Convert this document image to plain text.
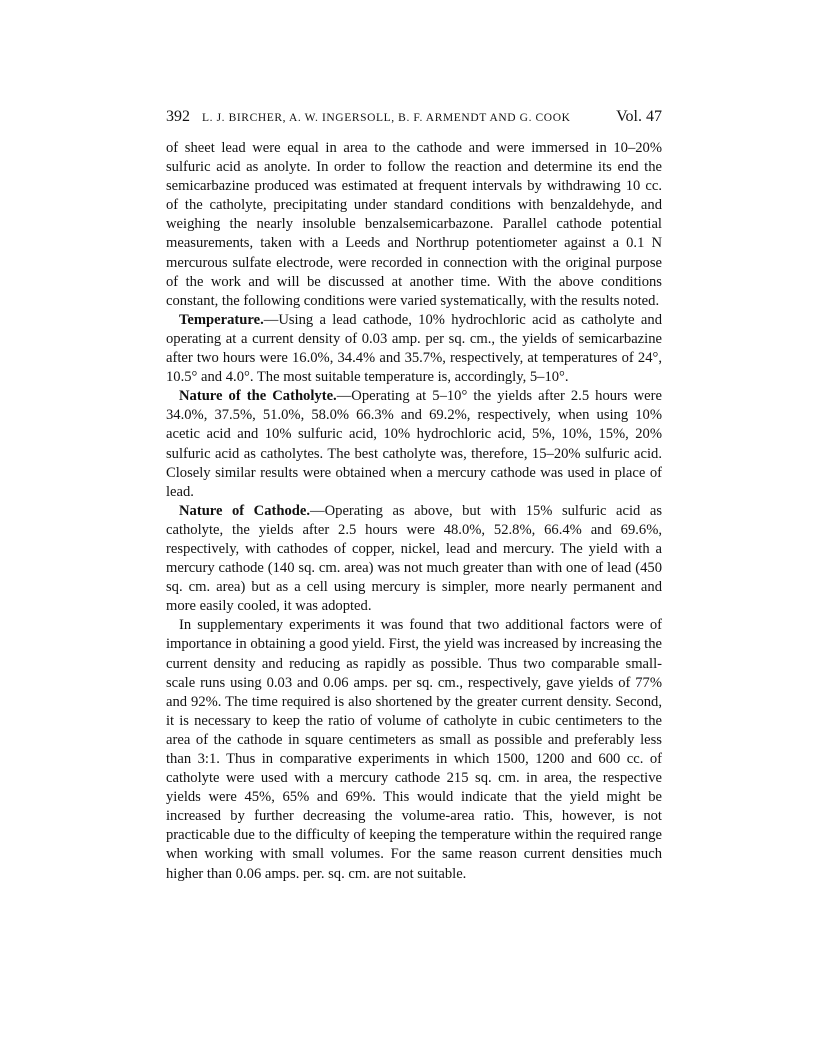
392 L. J. BIRCHER, A. W. INGERSOLL, B. F. ARMENDT AND G. COOK	Vol. 47

of sheet lead were equal in area to the cathode and were immersed in 10–20% sulfuric acid as anolyte. In order to follow the reaction and determine its end the semicarbazine produced was estimated at frequent intervals by withdrawing 10 cc. of the catholyte, precipitating under standard conditions with benzaldehyde, and weighing the nearly insoluble benzalsemicarbazone. Parallel cathode potential measurements, taken with a Leeds and Northrup potentiometer against a 0.1 N mercurous sulfate electrode, were recorded in connection with the original purpose of the work and will be discussed at another time. With the above conditions constant, the following conditions were varied systematically, with the results noted.

Temperature.—Using a lead cathode, 10% hydrochloric acid as catholyte and operating at a current density of 0.03 amp. per sq. cm., the yields of semicarbazine after two hours were 16.0%, 34.4% and 35.7%, respectively, at temperatures of 24°, 10.5° and 4.0°. The most suitable temperature is, accordingly, 5–10°.

Nature of the Catholyte.—Operating at 5–10° the yields after 2.5 hours were 34.0%, 37.5%, 51.0%, 58.0% 66.3% and 69.2%, respectively, when using 10% acetic acid and 10% sulfuric acid, 10% hydrochloric acid, 5%, 10%, 15%, 20% sulfuric acid as catholytes. The best catholyte was, therefore, 15–20% sulfuric acid. Closely similar results were obtained when a mercury cathode was used in place of lead.

Nature of Cathode.—Operating as above, but with 15% sulfuric acid as catholyte, the yields after 2.5 hours were 48.0%, 52.8%, 66.4% and 69.6%, respectively, with cathodes of copper, nickel, lead and mercury. The yield with a mercury cathode (140 sq. cm. area) was not much greater than with one of lead (450 sq. cm. area) but as a cell using mercury is simpler, more nearly permanent and more easily cooled, it was adopted.

In supplementary experiments it was found that two additional factors were of importance in obtaining a good yield. First, the yield was increased by increasing the current density and reducing as rapidly as possible. Thus two comparable small-scale runs using 0.03 and 0.06 amps. per sq. cm., respectively, gave yields of 77% and 92%. The time required is also shortened by the greater current density. Second, it is necessary to keep the ratio of volume of catholyte in cubic centimeters to the area of the cathode in square centimeters as small as possible and preferably less than 3:1. Thus in comparative experiments in which 1500, 1200 and 600 cc. of catholyte were used with a mercury cathode 215 sq. cm. in area, the respective yields were 45%, 65% and 69%. This would indicate that the yield might be increased by further decreasing the volume-area ratio. This, however, is not practicable due to the difficulty of keeping the temperature within the required range when working with small volumes. For the same reason current densities much higher than 0.06 amps. per. sq. cm. are not suitable.
